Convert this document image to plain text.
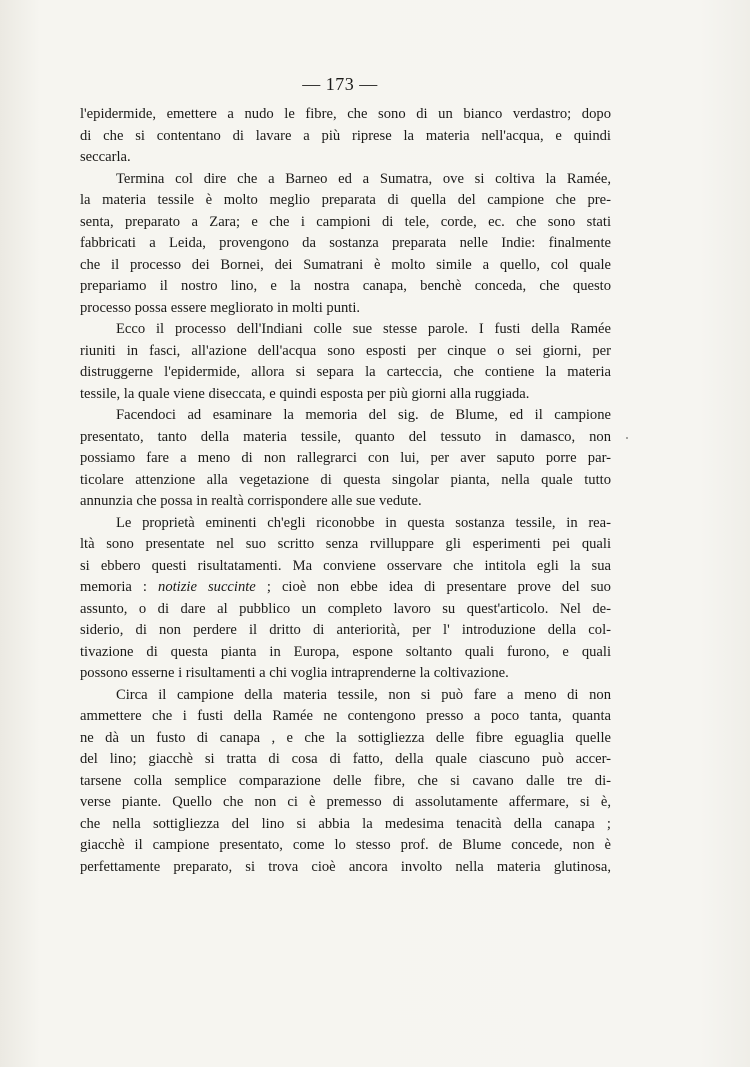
— 173 —
l'epidermide, emettere a nudo le fibre, che sono di un bianco verdastro; dopo
di che si contentano di lavare a più riprese la materia nell'acqua, e quindi
seccarla.
Termina col dire che a Barneo ed a Sumatra, ove si coltiva la Ramée,
la materia tessile è molto meglio preparata di quella del campione che pre-
senta, preparato a Zara; e che i campioni di tele, corde, ec. che sono stati
fabbricati a Leida, provengono da sostanza preparata nelle Indie: finalmente
che il processo dei Bornei, dei Sumatrani è molto simile a quello, col quale
prepariamo il nostro lino, e la nostra canapa, benchè conceda, che questo
processo possa essere megliorato in molti punti.
Ecco il processo dell'Indiani colle sue stesse parole. I fusti della Ramée
riuniti in fasci, all'azione dell'acqua sono esposti per cinque o sei giorni, per
distruggerne l'epidermide, allora si separa la carteccia, che contiene la materia
tessile, la quale viene diseccata, e quindi esposta per più giorni alla ruggiada.
Facendoci ad esaminare la memoria del sig. de Blume, ed il campione
presentato, tanto della materia tessile, quanto del tessuto in damasco, non
possiamo fare a meno di non rallegrarci con lui, per aver saputo porre par-
ticolare attenzione alla vegetazione di questa singolar pianta, nella quale tutto
annunzia che possa in realtà corrispondere alle sue vedute.
Le proprietà eminenti ch'egli riconobbe in questa sostanza tessile, in rea-
ltà sono presentate nel suo scritto senza rvilluppare gli esperimenti pei quali
si ebbero questi risultatamenti. Ma conviene osservare che intitola egli la sua
memoria : notizie succinte ; cioè non ebbe idea di presentare prove del suo
assunto, o di dare al pubblico un completo lavoro su quest'articolo. Nel de-
siderio, di non perdere il dritto di anteriorità, per l' introduzione della col-
tivazione di questa pianta in Europa, espone soltanto quali furono, e quali
possono esserne i risultamenti a chi voglia intraprenderne la coltivazione.
Circa il campione della materia tessile, non si può fare a meno di non
ammettere che i fusti della Ramée ne contengono presso a poco tanta, quanta
ne dà un fusto di canapa , e che la sottigliezza delle fibre eguaglia quelle
del lino; giacchè si tratta di cosa di fatto, della quale ciascuno può accer-
tarsene colla semplice comparazione delle fibre, che si cavano dalle tre di-
verse piante. Quello che non ci è premesso di assolutamente affermare, si è,
che nella sottigliezza del lino si abbia la medesima tenacità della canapa ;
giacchè il campione presentato, come lo stesso prof. de Blume concede, non è
perfettamente preparato, si trova cioè ancora involto nella materia glutinosa,
